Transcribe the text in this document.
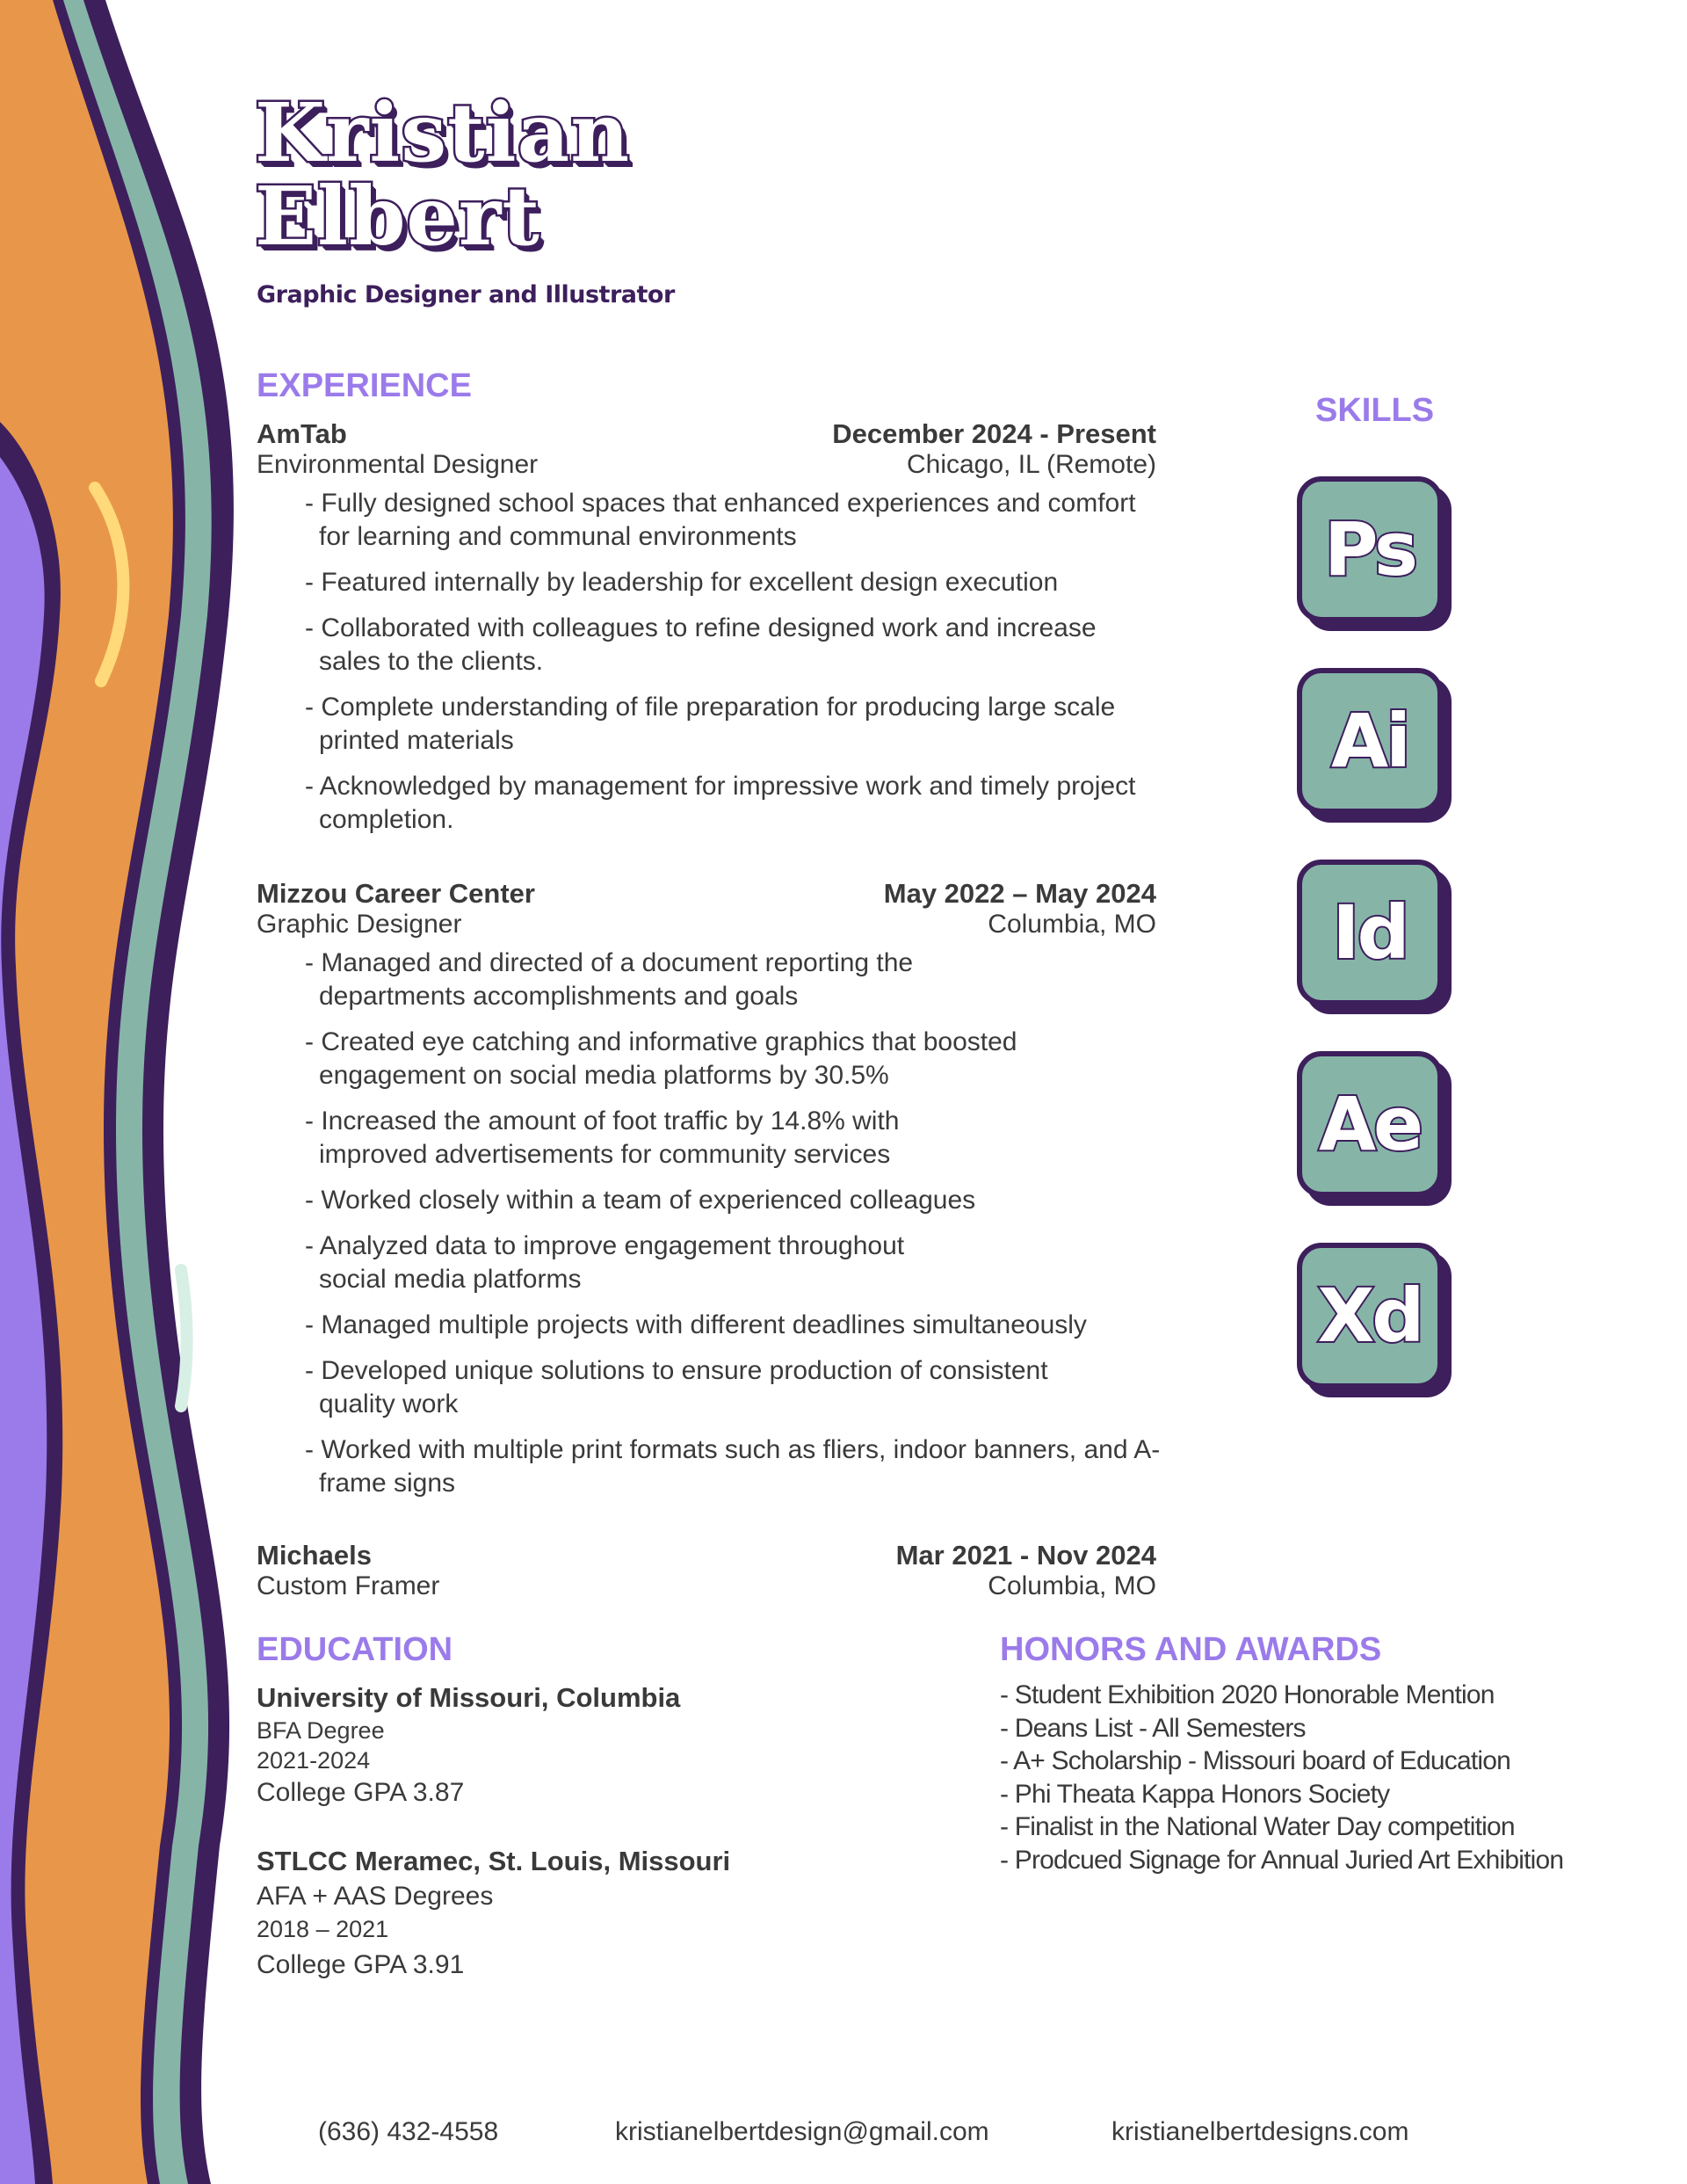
Kristian
Elbert
Graphic Designer and Illustrator
EXPERIENCE
AmTab	December 2024 - Present
Environmental Designer	Chicago, IL (Remote)
- Fully designed school spaces that enhanced experiences and comfort for learning and communal environments
- Featured internally by leadership for excellent design execution
- Collaborated with colleagues to refine designed work and increase sales to the clients.
- Complete understanding of file preparation for producing large scale printed materials
- Acknowledged by management for impressive work and timely project completion.
Mizzou Career Center	May 2022 – May 2024
Graphic Designer	Columbia, MO
- Managed and directed of a document reporting the departments accomplishments and goals
- Created eye catching and informative graphics that boosted engagement on social media platforms by 30.5%
- Increased the amount of foot traffic by 14.8% with improved advertisements for community services
- Worked closely within a team of experienced colleagues
- Analyzed data to improve engagement throughout social media platforms
- Managed multiple projects with different deadlines simultaneously
- Developed unique solutions to ensure production of consistent quality work
- Worked with multiple print formats such as fliers, indoor banners, and A-frame signs
Michaels	Mar 2021 - Nov 2024
Custom Framer	Columbia, MO
SKILLS
Ps
Ai
Id
Ae
Xd
EDUCATION
University of Missouri, Columbia
BFA Degree
2021-2024
College GPA 3.87
STLCC Meramec, St. Louis, Missouri
AFA + AAS Degrees
2018 – 2021
College GPA 3.91
HONORS AND AWARDS
- Student Exhibition 2020 Honorable Mention
- Deans List - All Semesters
- A+ Scholarship - Missouri board of Education
- Phi Theata Kappa Honors Society
- Finalist in the National Water Day competition
- Prodcued Signage for Annual Juried Art Exhibition
(636) 432-4558	kristianelbertdesign@gmail.com	kristianelbertdesigns.com
